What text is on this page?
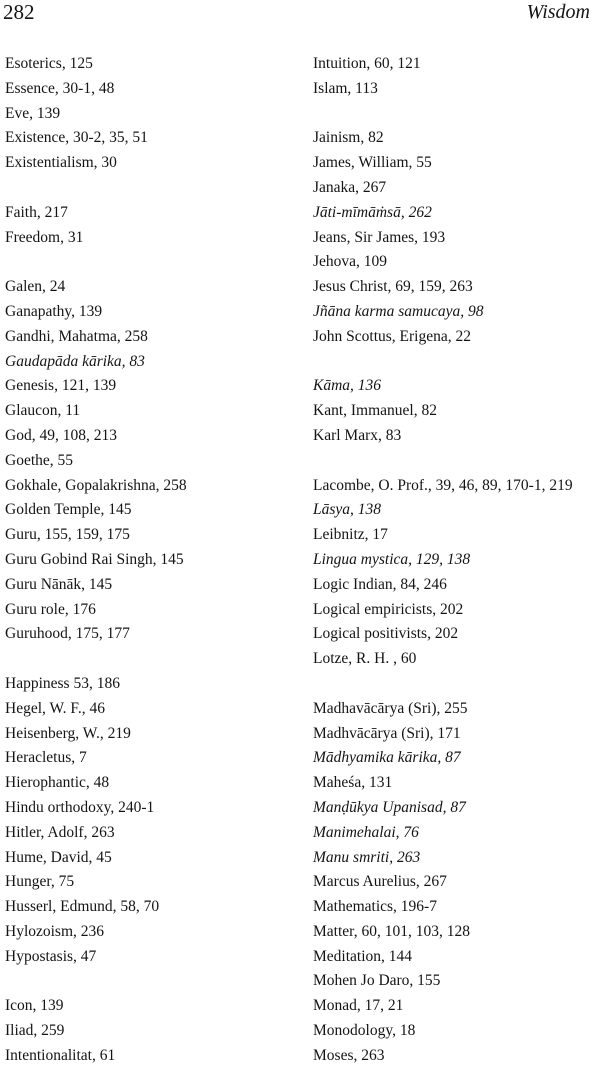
282	Wisdom
Esoterics, 125
Essence, 30-1, 48
Eve, 139
Existence, 30-2, 35, 51
Existentialism, 30
Faith, 217
Freedom, 31
Galen, 24
Ganapathy, 139
Gandhi, Mahatma, 258
Gaudapāda kārika, 83
Genesis, 121, 139
Glaucon, 11
God, 49, 108, 213
Goethe, 55
Gokhale, Gopalakrishna, 258
Golden Temple, 145
Guru, 155, 159, 175
Guru Gobind Rai Singh, 145
Guru Nānāk, 145
Guru role, 176
Guruhood, 175, 177
Happiness 53, 186
Hegel, W. F., 46
Heisenberg, W., 219
Heracletus, 7
Hierophantic, 48
Hindu orthodoxy, 240-1
Hitler, Adolf, 263
Hume, David, 45
Hunger, 75
Husserl, Edmund, 58, 70
Hylozoism, 236
Hypostasis, 47
Icon, 139
Iliad, 259
Intentionalitat, 61
Intuition, 60, 121
Islam, 113
Jainism, 82
James, William, 55
Janaka, 267
Jāti-mīmāṁsā, 262
Jeans, Sir James, 193
Jehova, 109
Jesus Christ, 69, 159, 263
Jñāna karma samucaya, 98
John Scottus, Erigena, 22
Kāma, 136
Kant, Immanuel, 82
Karl Marx, 83
Lacombe, O. Prof., 39, 46, 89, 170-1, 219
Lāsya, 138
Leibnitz, 17
Lingua mystica, 129, 138
Logic Indian, 84, 246
Logical empiricists, 202
Logical positivists, 202
Lotze, R. H. , 60
Madhavācārya (Sri), 255
Madhvācārya (Sri), 171
Mādhyamika kārika, 87
Maheśa, 131
Manḍūkya Upanisad, 87
Manimehalai, 76
Manu smriti, 263
Marcus Aurelius, 267
Mathematics, 196-7
Matter, 60, 101, 103, 128
Meditation, 144
Mohen Jo Daro, 155
Monad, 17, 21
Monodology, 18
Moses, 263
